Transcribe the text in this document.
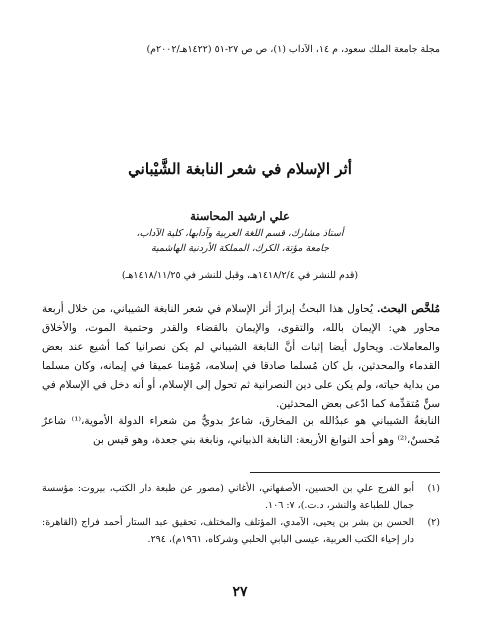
مجلة جامعة الملك سعود، م ١٤، الآداب (١)، ص ص ٢٧-٥١ (١٤٢٢هـ/٢٠٠٢م)
أثر الإسلام في شعر النابغة الشَّيْباني
علي ارشيد المحاسنة
أستاذ مشارك، قسم اللغة العربية وآدابها، كلية الآداب،
جامعة مؤتة، الكرك، المملكة الأردنية الهاشمية
(قدم للنشر في ١٤١٨/٢/٤هـ، وقبل للنشر في ١٤١٨/١١/٢٥هـ)
مُلخَّص البحث. يُحاول هذا البحثُ إبرازَ أثر الإسلام في شعر النابغة الشيباني، من خلال أربعة محاور هي: الإيمان بالله، والتقوى، والإيمان بالقضاء والقدر وحتمية الموت، والأخلاق والمعاملات. ويحاول أيضا إثبات أنَّ النابغة الشيباني لم يكن نصرانيا كما أشيع عند بعض القدماء والمحدثين، بل كان مُسلما صادقا في إسلامه، مُؤمنا عميقا في إيمانه، وكان مسلما من بداية حياته، ولم يكن على دين النصرانية ثم تحول إلى الإسلام، أو أنه دخل في الإسلام في سنٍّ مُتقدِّمة كما ادّعى بعض المحدثين.
النابغةُ الشيباني هو عبدُالله بن المخارق، شاعرٌ بدويٌّ من شعراء الدولة الأموية،⁽¹⁾ شاعرٌ مُحسنٌ،⁽²⁾ وهو أحد النوابغ الأربعة: النابغة الذبياني، ونابغة بني جعدة، وهو قيس بن
(١)
أبو الفرج علي بن الحسين، الأصفهاني، الأغاني (مصور عن طبعة دار الكتب، بيروت: مؤسسة جمال للطباعة والنشر، د.ت.)، ٧: ١٠٦.
(٢)
الحسن بن بشر بن يحيى، الآمدي، المؤتلف والمختلف، تحقيق عبد الستار أحمد فراج (القاهرة: دار إحياء الكتب العربية، عيسى البابي الحلبي وشركاه، ١٩٦١م)، ٢٩٤.
٢٧
